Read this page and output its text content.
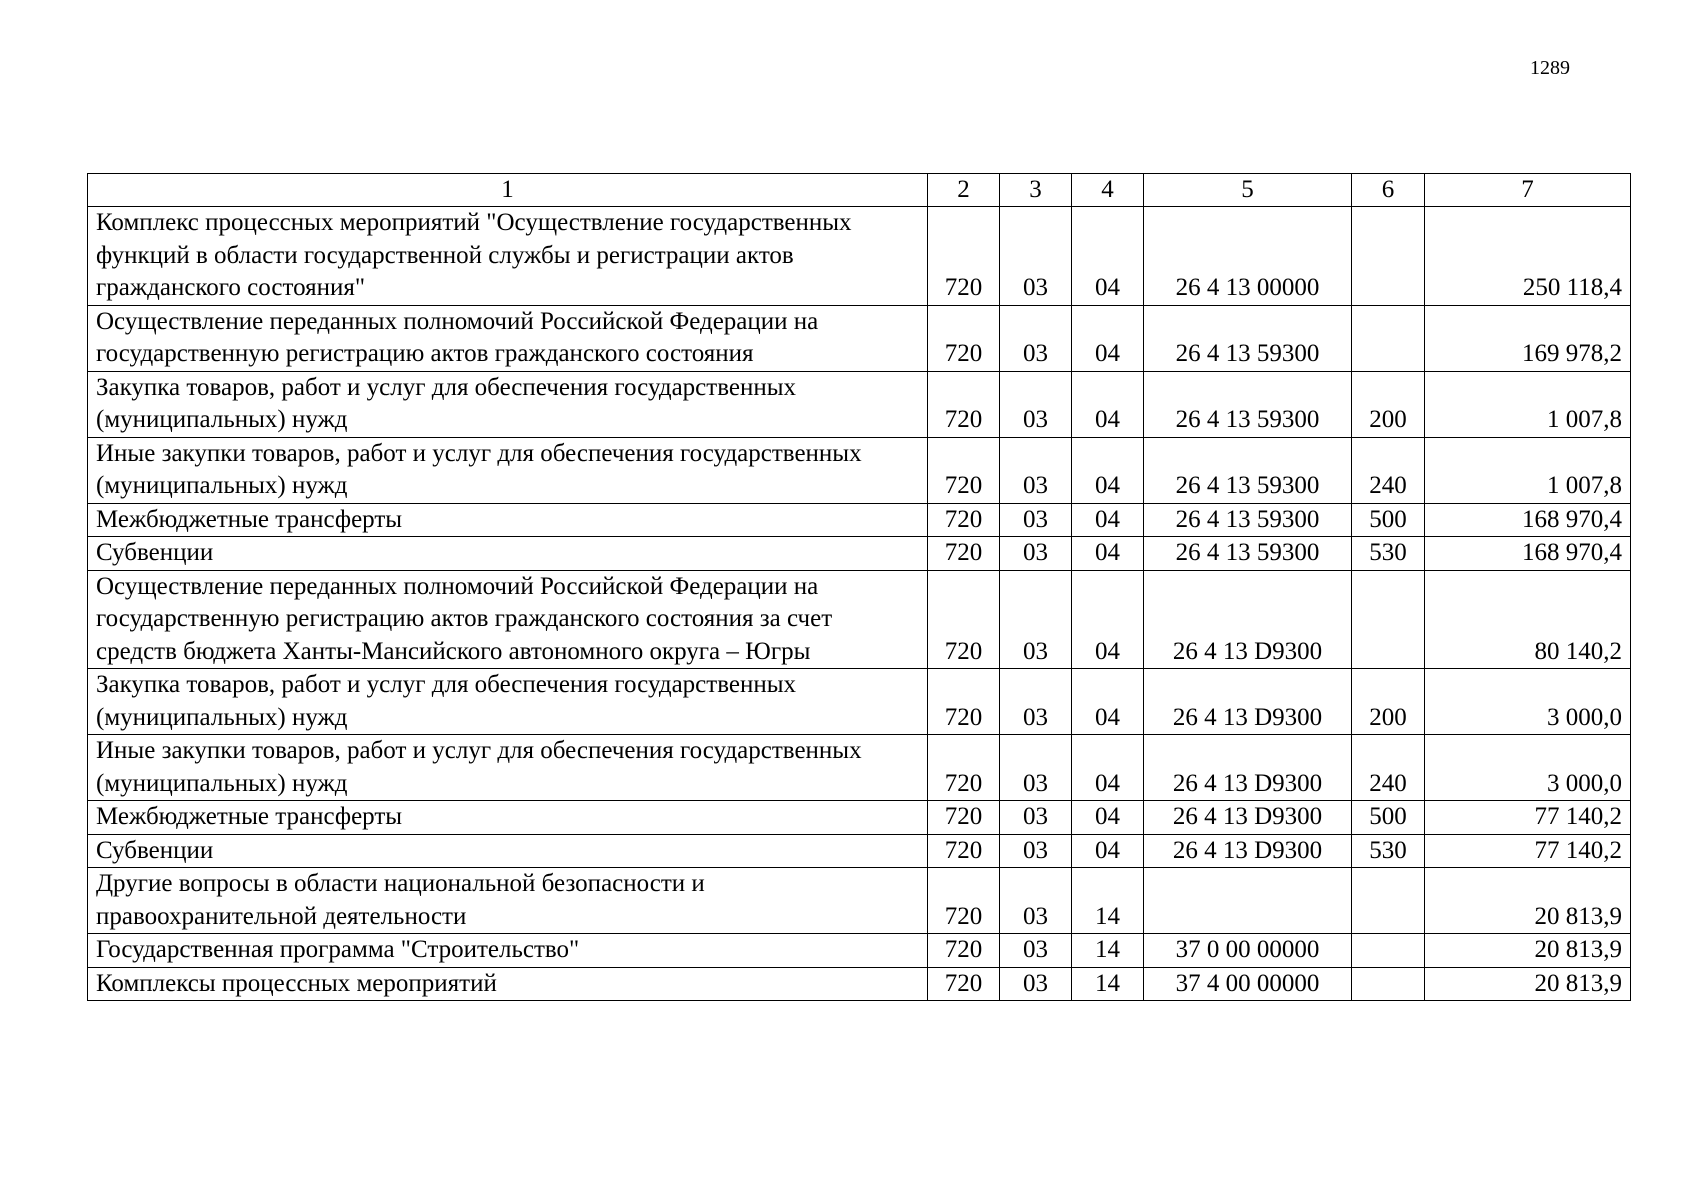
1289
1	2	3	4	5	6	7
Комплекс процессных мероприятий "Осуществление государственных функций в области государственной службы и регистрации актов гражданского состояния"	720	03	04	26 4 13 00000		250 118,4
Осуществление переданных полномочий Российской Федерации на государственную регистрацию актов гражданского состояния	720	03	04	26 4 13 59300		169 978,2
Закупка товаров, работ и услуг для обеспечения государственных (муниципальных) нужд	720	03	04	26 4 13 59300	200	1 007,8
Иные закупки товаров, работ и услуг для обеспечения государственных (муниципальных) нужд	720	03	04	26 4 13 59300	240	1 007,8
Межбюджетные трансферты	720	03	04	26 4 13 59300	500	168 970,4
Субвенции	720	03	04	26 4 13 59300	530	168 970,4
Осуществление переданных полномочий Российской Федерации на государственную регистрацию актов гражданского состояния за счет средств бюджета Ханты-Мансийского автономного округа – Югры	720	03	04	26 4 13 D9300		80 140,2
Закупка товаров, работ и услуг для обеспечения государственных (муниципальных) нужд	720	03	04	26 4 13 D9300	200	3 000,0
Иные закупки товаров, работ и услуг для обеспечения государственных (муниципальных) нужд	720	03	04	26 4 13 D9300	240	3 000,0
Межбюджетные трансферты	720	03	04	26 4 13 D9300	500	77 140,2
Субвенции	720	03	04	26 4 13 D9300	530	77 140,2
Другие вопросы в области национальной безопасности и правоохранительной деятельности	720	03	14			20 813,9
Государственная программа "Строительство"	720	03	14	37 0 00 00000		20 813,9
Комплексы процессных мероприятий	720	03	14	37 4 00 00000		20 813,9
